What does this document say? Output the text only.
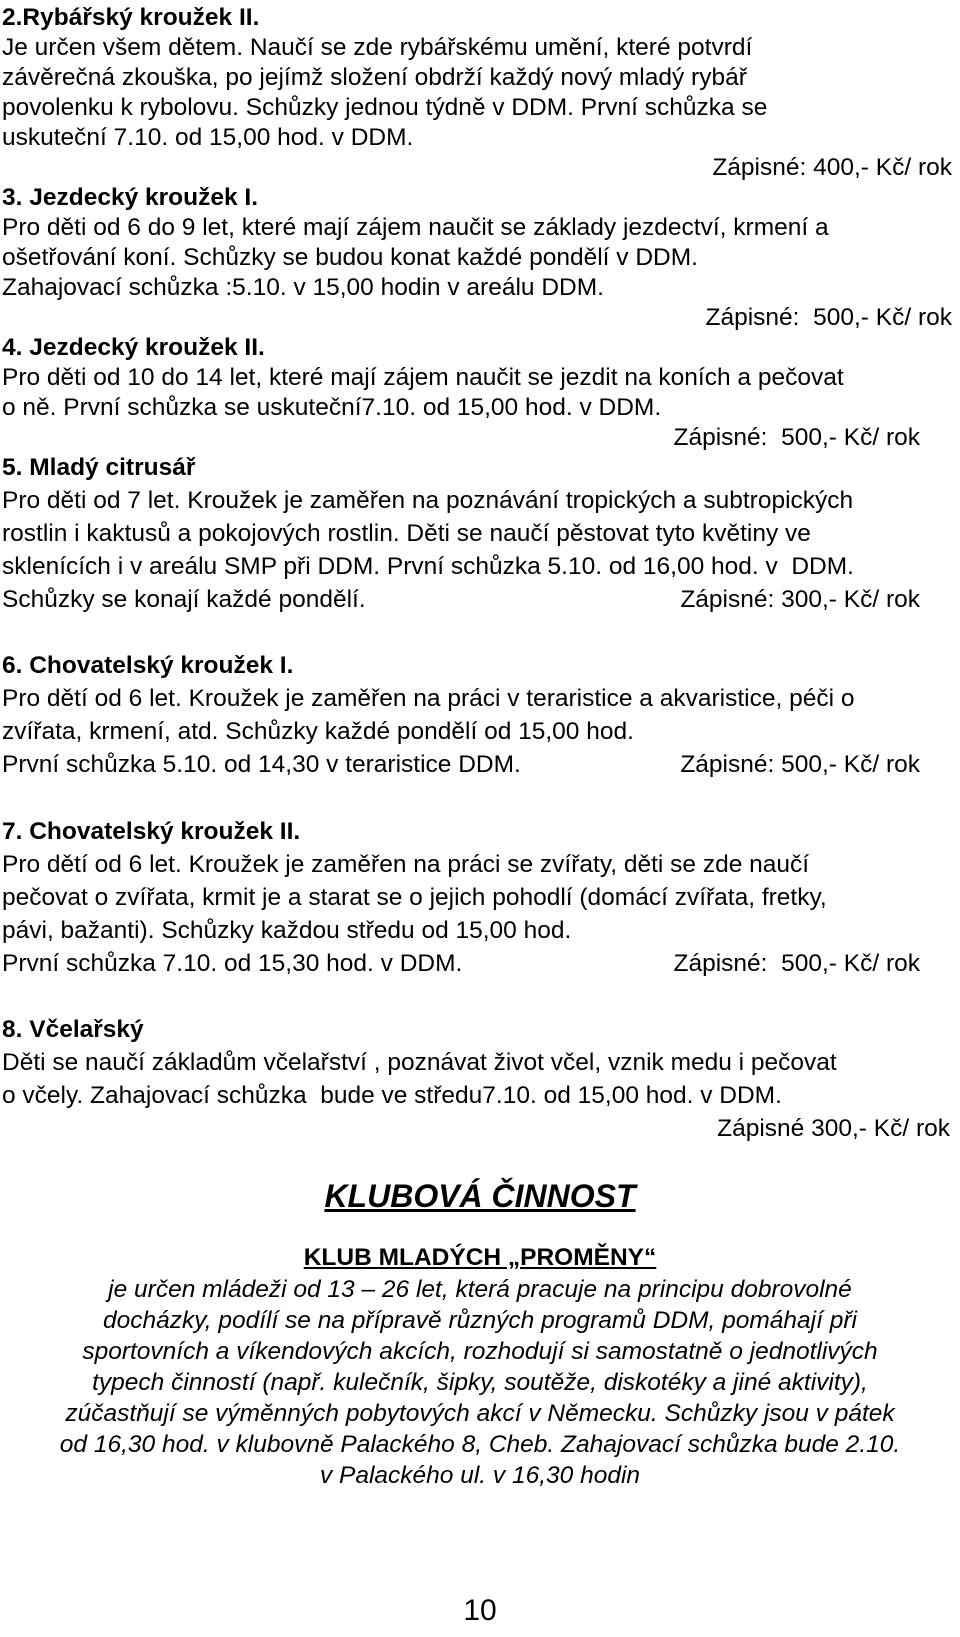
2.Rybářský kroužek II.
Je určen všem dětem. Naučí se zde rybářskému umění, které potvrdí
závěrečná zkouška, po jejímž složení obdrží každý nový mladý rybář
povolenku k rybolovu. Schůzky jednou týdně v DDM. První schůzka se
uskuteční 7.10. od 15,00 hod. v DDM.
Zápisné: 400,- Kč/ rok
3. Jezdecký kroužek I.
Pro děti od 6 do 9 let, které mají zájem naučit se základy jezdectví, krmení a
ošetřování koní. Schůzky se budou konat každé pondělí v DDM.
Zahajovací schůzka :5.10. v 15,00 hodin v areálu DDM.
Zápisné:  500,- Kč/ rok
4. Jezdecký kroužek II.
Pro děti od 10 do 14 let, které mají zájem naučit se jezdit na koních a pečovat
o ně. První schůzka se uskuteční7.10. od 15,00 hod. v DDM.
Zápisné:  500,- Kč/ rok
5. Mladý citrusář
Pro děti od 7 let. Kroužek je zaměřen na poznávání tropických a subtropických
rostlin i kaktusů a pokojových rostlin. Děti se naučí pěstovat tyto květiny ve
sklenících i v areálu SMP při DDM. První schůzka 5.10. od 16,00 hod. v  DDM.
Schůzky se konají každé pondělí.	Zápisné: 300,- Kč/ rok
6. Chovatelský kroužek I.
Pro dětí od 6 let. Kroužek je zaměřen na práci v teraristice a akvaristice, péči o
zvířata, krmení, atd. Schůzky každé pondělí od 15,00 hod.
První schůzka 5.10. od 14,30 v teraristice DDM.	Zápisné: 500,- Kč/ rok
7. Chovatelský kroužek II.
Pro dětí od 6 let. Kroužek je zaměřen na práci se zvířaty, děti se zde naučí
pečovat o zvířata, krmit je a starat se o jejich pohodlí (domácí zvířata, fretky,
pávi, bažanti). Schůzky každou středu od 15,00 hod.
První schůzka 7.10. od 15,30 hod. v DDM.	Zápisné:  500,- Kč/ rok
8. Včelařský
Děti se naučí základům včelařství , poznávat život včel, vznik medu i pečovat
o včely. Zahajovací schůzka  bude ve středu7.10. od 15,00 hod. v DDM.
Zápisné 300,- Kč/ rok
KLUBOVÁ ČINNOST
KLUB MLADÝCH „PROMĚNY“
je určen mládeži od 13 – 26 let, která pracuje na principu dobrovolné
docházky, podílí se na přípravě různých programů DDM, pomáhají při
sportovních a víkendových akcích, rozhodují si samostatně o jednotlivých
typech činností (např. kulečník, šipky, soutěže, diskotéky a jiné aktivity),
zúčastňují se výměnných pobytových akcí v Německu. Schůzky jsou v pátek
od 16,30 hod. v klubovně Palackého 8, Cheb. Zahajovací schůzka bude 2.10.
v Palackého ul. v 16,30 hodin
10
